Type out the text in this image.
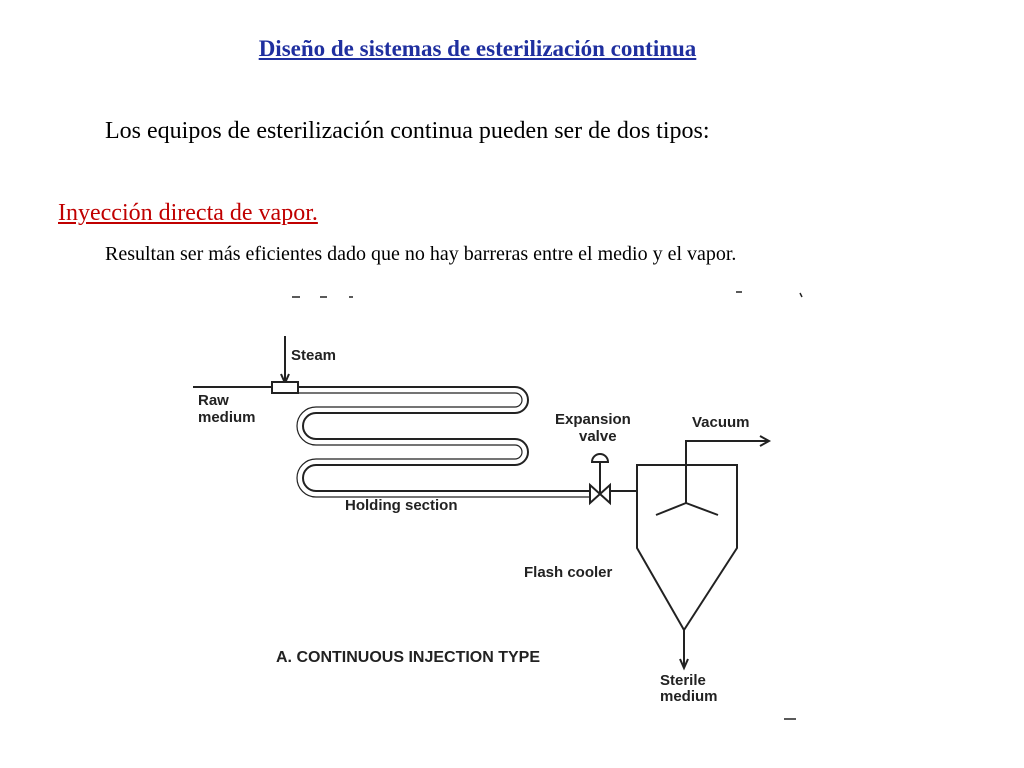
Diseño de sistemas de esterilización continua
Los equipos de esterilización continua pueden ser de dos tipos:
Inyección directa de vapor.
Resultan ser más eficientes dado que no hay barreras entre el medio y el vapor.
Steam
Raw
medium	Expansion
valve
Vacuum
Holding section
Flash cooler
A. CONTINUOUS INJECTION TYPE
Sterile
medium
